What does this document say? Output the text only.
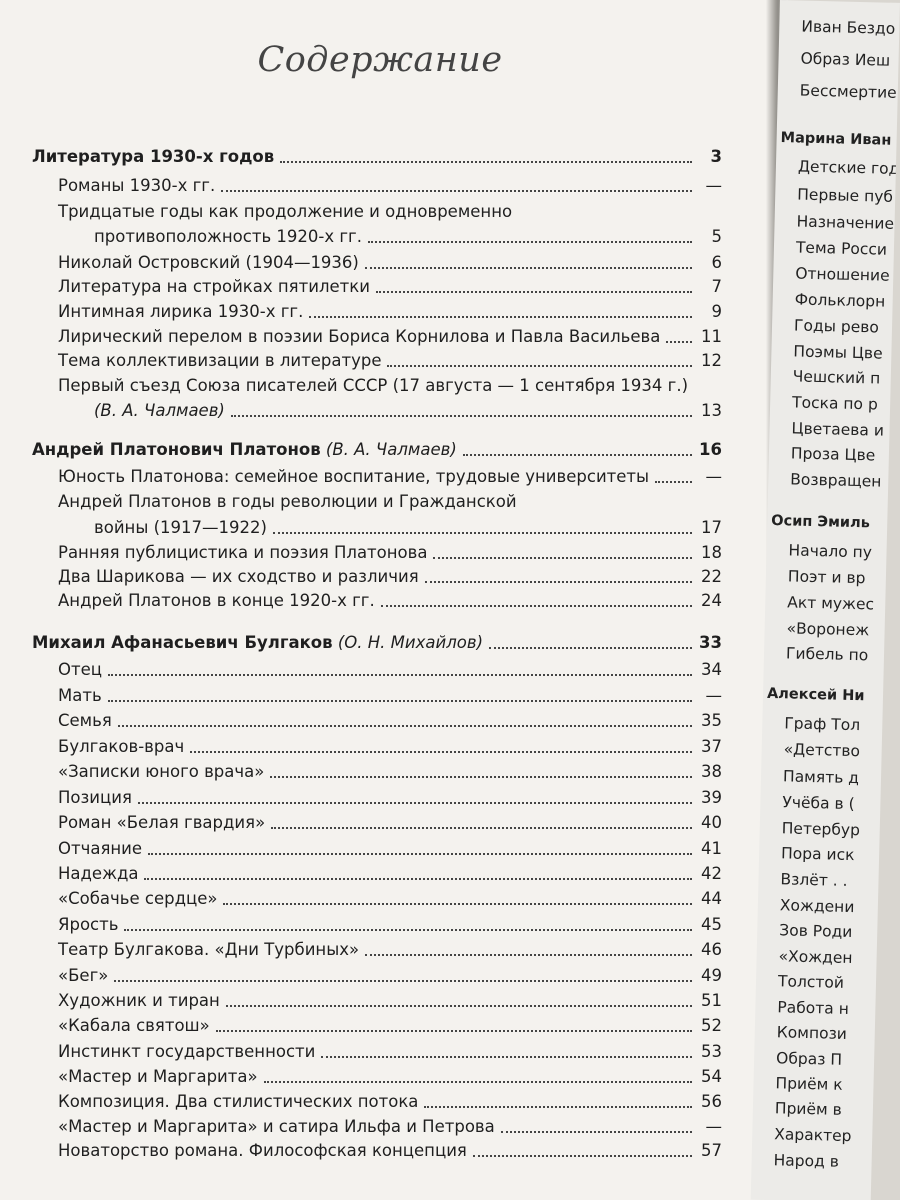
Содержание
Литература 1930-х годов	3
Романы 1930-х гг.	—
Тридцатые годы как продолжение и одновременно
противоположность 1920-х гг.	5
Николай Островский (1904—1936)	6
Литература на стройках пятилетки	7
Интимная лирика 1930-х гг.	9
Лирический перелом в поэзии Бориса Корнилова и Павла Васильева 11
Тема коллективизации в литературе	12
Первый съезд Союза писателей СССР (17 августа — 1 сентября 1934 г.)
(В. А. Чалмаев)	13
Андрей Платонович Платонов (В. А. Чалмаев)	16
Юность Платонова: семейное воспитание, трудовые университеты	—
Андрей Платонов в годы революции и Гражданской
войны (1917—1922)	17
Ранняя публицистика и поэзия Платонова	18
Два Шарикова — их сходство и различия	22
Андрей Платонов в конце 1920-х гг.	24
Михаил Афанасьевич Булгаков (О. Н. Михайлов)	33
Отец	34
Мать	—
Семья	35
Булгаков-врач	37
«Записки юного врача»	38
Позиция	39
Роман «Белая гвардия»	40
Отчаяние	41
Надежда	42
«Собачье сердце»	44
Ярость	45
Театр Булгакова. «Дни Турбиных»	46
«Бег»	49
Художник и тиран	51
«Кабала святош»	52
Инстинкт государственности	53
«Мастер и Маргарита»	54
Композиция. Два стилистических потока	56
«Мастер и Маргарита» и сатира Ильфа и Петрова	—
Новаторство романа. Философская концепция	57
Иван Бездо
Образ Иеш
Бессмертие
Марина Иван
Детские год
Первые пуб
Назначение
Тема Росси
Отношение
Фольклорн
Годы рево
Поэмы Цве
Чешский п
Тоска по р
Цветаева и
Проза Цве
Возвращен
Осип Эмиль
Начало пу
Поэт и вр
Акт мужес
«Воронеж
Гибель по
Алексей Ни
Граф Тол
«Детство
Память д
Учёба в (
Петербур
Пора иск
Взлёт . .
Хождени
Зов Роди
«Хожден
Толстой
Работа н
Компози
Образ П
Приём к
Приём в
Характер
Народ в
